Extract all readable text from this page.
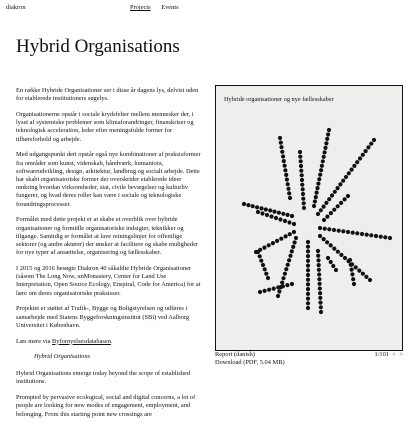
diakron	Projects Events
Hybrid Organisations

En række Hybride Organisationer ser i disse år dagens lys, delvist uden for etablerede institutioners søgelys.

Organisationerne opstår i sociale krydsfelter mellem mennesker der, i lyset af systemiske problemer som klimaforandringer, finanskriser og teknologisk acceleration, leder efter meningsfulde former for tilhørsforhold og arbejde.

Med udgangspunkt deri opstår også nye kombinationer af praksisformer fra områder som kunst, videnskab, håndværk, humaniora, softwareudvikling, design, arkitektur, landbrug og socialt arbejde. Dette har skabt organisatoriske former der overskrider etablerede ideer omkring hvordan virksomheder, stat, civile bevægelser og kulturliv fungerer, og hvad deres roller kan være i sociale og teknologiske forandringsprocesser.

Formålet med dette projekt er at skabe et overblik over hybride organisationer og formidle organisatoriske indsigter, teknikker og tilgange. Samtidig er formålet at lave retningslinjer for offentlige sektorer (og andre aktører) der ønsker at facilitere og skabe muligheder for nye typer af ansættelse, organisering og fællesskaber.

I 2015 og 2016 besøgte Diakron 40 såkaldte Hybride Organisationer (såsom The Long Now, unMonastery, Center for Land Use Interpretation, Open Source Ecology, Enspiral, Code for America) for at lære om deres organisatoriske praksisser.

Projektet er støttet af Trafik-, Bygge og Boligstyrelsen og udføres i samarbejde med Statens Byggeforskningsinstitut (SBi) ved Aalborg Universitet i København.

Læs mere via Byfornyelsesdatabasen.

Hybrid Organisations

Hybrid Organisations emerge today beyond the scope of established institutions.

Prompted by pervasive ecological, social and digital concerns, a lot of people are looking for new modes of engagement, employment, and belonging. From this starting point new crossings are

Hybride organisationer og nye fællesskaber
Report (danish)	1/101 < >
Download (PDF, 5.04 MB)
